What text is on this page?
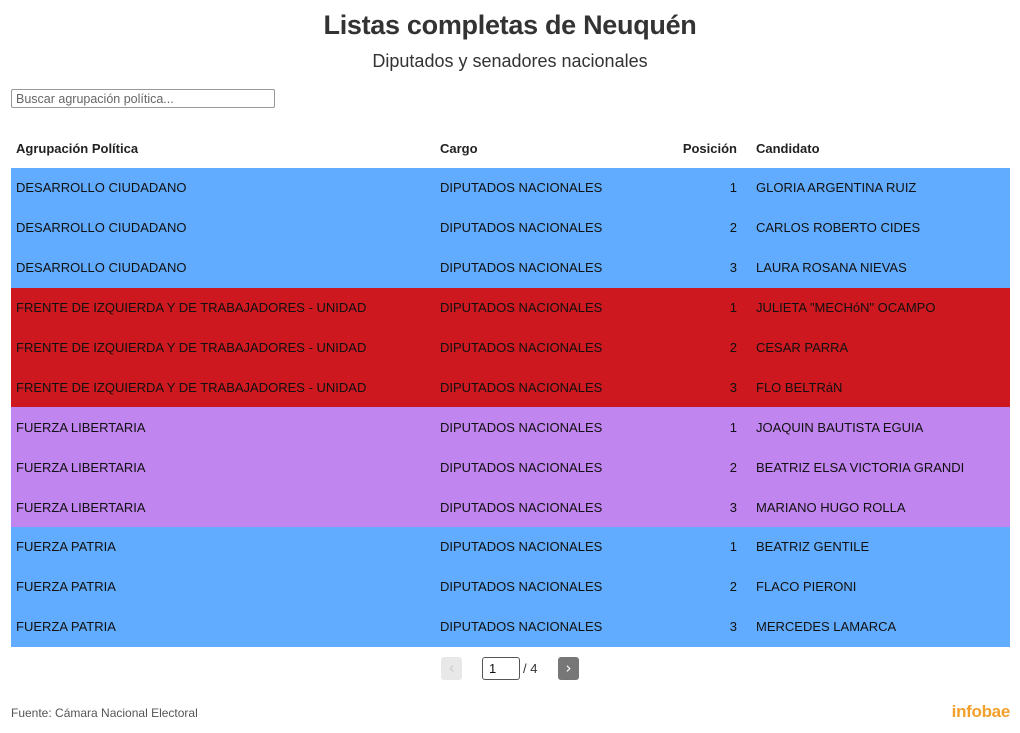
Listas completas de Neuquén
Diputados y senadores nacionales
Buscar agrupación política...
Agrupación Política	Cargo	Posición	Candidato
DESARROLLO CIUDADANO	DIPUTADOS NACIONALES	1	GLORIA ARGENTINA RUIZ
DESARROLLO CIUDADANO	DIPUTADOS NACIONALES	2	CARLOS ROBERTO CIDES
DESARROLLO CIUDADANO	DIPUTADOS NACIONALES	3	LAURA ROSANA NIEVAS
FRENTE DE IZQUIERDA Y DE TRABAJADORES - UNIDAD	DIPUTADOS NACIONALES	1	JULIETA "MECHóN" OCAMPO
FRENTE DE IZQUIERDA Y DE TRABAJADORES - UNIDAD	DIPUTADOS NACIONALES	2	CESAR PARRA
FRENTE DE IZQUIERDA Y DE TRABAJADORES - UNIDAD	DIPUTADOS NACIONALES	3	FLO BELTRáN
FUERZA LIBERTARIA	DIPUTADOS NACIONALES	1	JOAQUIN BAUTISTA EGUIA
FUERZA LIBERTARIA	DIPUTADOS NACIONALES	2	BEATRIZ ELSA VICTORIA GRANDI
FUERZA LIBERTARIA	DIPUTADOS NACIONALES	3	MARIANO HUGO ROLLA
FUERZA PATRIA	DIPUTADOS NACIONALES	1	BEATRIZ GENTILE
FUERZA PATRIA	DIPUTADOS NACIONALES	2	FLACO PIERONI
FUERZA PATRIA	DIPUTADOS NACIONALES	3	MERCEDES LAMARCA
‹
1	/ 4	›
Fuente: Cámara Nacional Electoral	infobae
